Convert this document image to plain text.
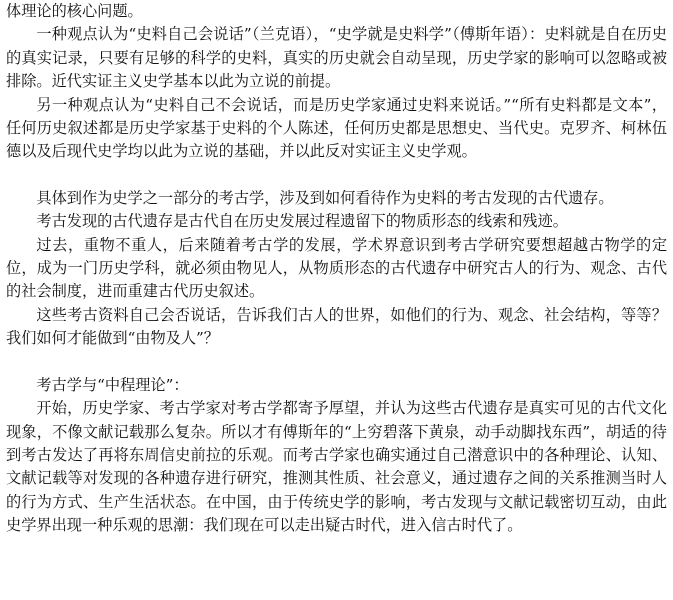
体理论的核心问题。

一种观点认为“史料自己会说话”（兰克语），“史学就是史料学”（傅斯年语）：史料就是自在历史的真实记录，只要有足够的科学的史料，真实的历史就会自动呈现，历史学家的影响可以忽略或被排除。近代实证主义史学基本以此为立说的前提。

另一种观点认为“史料自己不会说话，而是历史学家通过史料来说话。”“所有史料都是文本”，任何历史叙述都是历史学家基于史料的个人陈述，任何历史都是思想史、当代史。克罗齐、柯林伍德以及后现代史学均以此为立说的基础，并以此反对实证主义史学观。

具体到作为史学之一部分的考古学，涉及到如何看待作为史料的考古发现的古代遗存。

考古发现的古代遗存是古代自在历史发展过程遗留下的物质形态的线索和残迹。

过去，重物不重人，后来随着考古学的发展，学术界意识到考古学研究要想超越古物学的定位，成为一门历史学科，就必须由物见人，从物质形态的古代遗存中研究古人的行为、观念、古代的社会制度，进而重建古代历史叙述。

这些考古资料自己会否说话，告诉我们古人的世界，如他们的行为、观念、社会结构，等等？我们如何才能做到“由物及人”？

考古学与“中程理论”：

开始，历史学家、考古学家对考古学都寄予厚望，并认为这些古代遗存是真实可见的古代文化现象，不像文献记载那么复杂。所以才有傅斯年的“上穷碧落下黄泉，动手动脚找东西”，胡适的待到考古发达了再将东周信史前拉的乐观。而考古学家也确实通过自己潜意识中的各种理论、认知、文献记载等对发现的各种遗存进行研究，推测其性质、社会意义，通过遗存之间的关系推测当时人的行为方式、生产生活状态。在中国，由于传统史学的影响，考古发现与文献记载密切互动，由此史学界出现一种乐观的思潮：我们现在可以走出疑古时代，进入信古时代了。
